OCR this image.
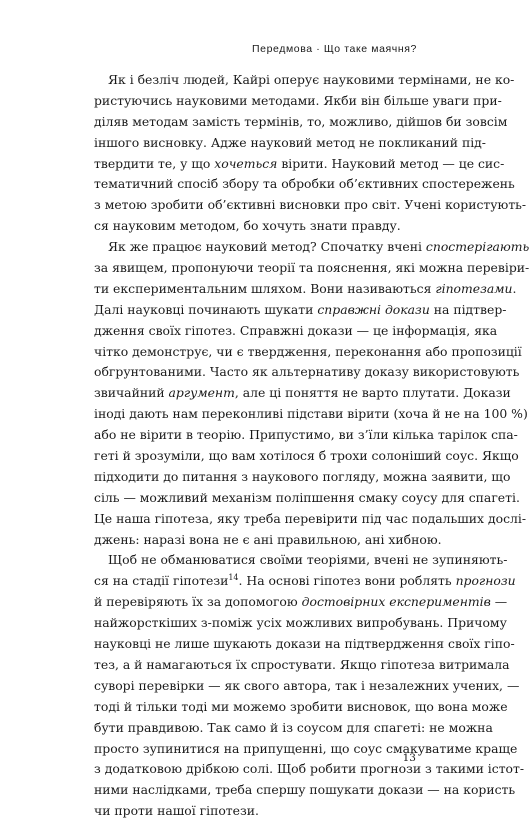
Передмова · Що таке маячня?
Як і безліч людей, Кайрі оперує науковими термінами, не ко-
ристуючись науковими методами. Якби він більше уваги при-
діляв методам замість термінів, то, можливо, дійшов би зовсім
іншого висновку. Адже науковий метод не покликаний під-
твердити те, у що хочеться вірити. Науковий метод — це сис-
тематичний спосіб збору та обробки об’єктивних спостережень
з метою зробити об’єктивні висновки про світ. Учені користують-
ся науковим методом, бо хочуть знати правду.
Як же працює науковий метод? Спочатку вчені спостерігають
за явищем, пропонуючи теорії та пояснення, які можна перевіри-
ти експериментальним шляхом. Вони називаються гіпотезами.
Далі науковці починають шукати справжні докази на підтвер-
дження своїх гіпотез. Справжні докази — це інформація, яка
чітко демонструє, чи є твердження, переконання або пропозиції
обгрунтованими. Часто як альтернативу доказу використовують
звичайний аргумент, але ці поняття не варто плутати. Докази
іноді дають нам переконливі підстави вірити (хоча й не на 100 %)
або не вірити в теорію. Припустимо, ви з’їли кілька тарілок спа-
геті й зрозуміли, що вам хотілося б трохи солоніший соус. Якщо
підходити до питання з наукового погляду, можна заявити, що
сіль — можливий механізм поліпшення смаку соусу для спагеті.
Це наша гіпотеза, яку треба перевірити під час подальших дослі-
джень: наразі вона не є ані правильною, ані хибною.
Щоб не обманюватися своїми теоріями, вчені не зупиняють-
ся на стадії гіпотези$^{14}$. На основі гіпотез вони роблять прогнози
й перевіряють їх за допомогою достовірних експериментів —
найжорсткіших з-поміж усіх можливих випробувань. Причому
науковці не лише шукають докази на підтвердження своїх гіпо-
тез, а й намагаються їх спростувати. Якщо гіпотеза витримала
суворі перевірки — як свого автора, так і незалежних учених, —
тоді й тільки тоді ми можемо зробити висновок, що вона може
бути правдивою. Так само й із соусом для спагеті: не можна
просто зупинитися на припущенні, що соус смакуватиме краще
з додатковою дрібкою солі. Щоб робити прогнози з такими істот-
ними наслідками, треба спершу пошукати докази — на користь
чи проти нашої гіпотези.
13
